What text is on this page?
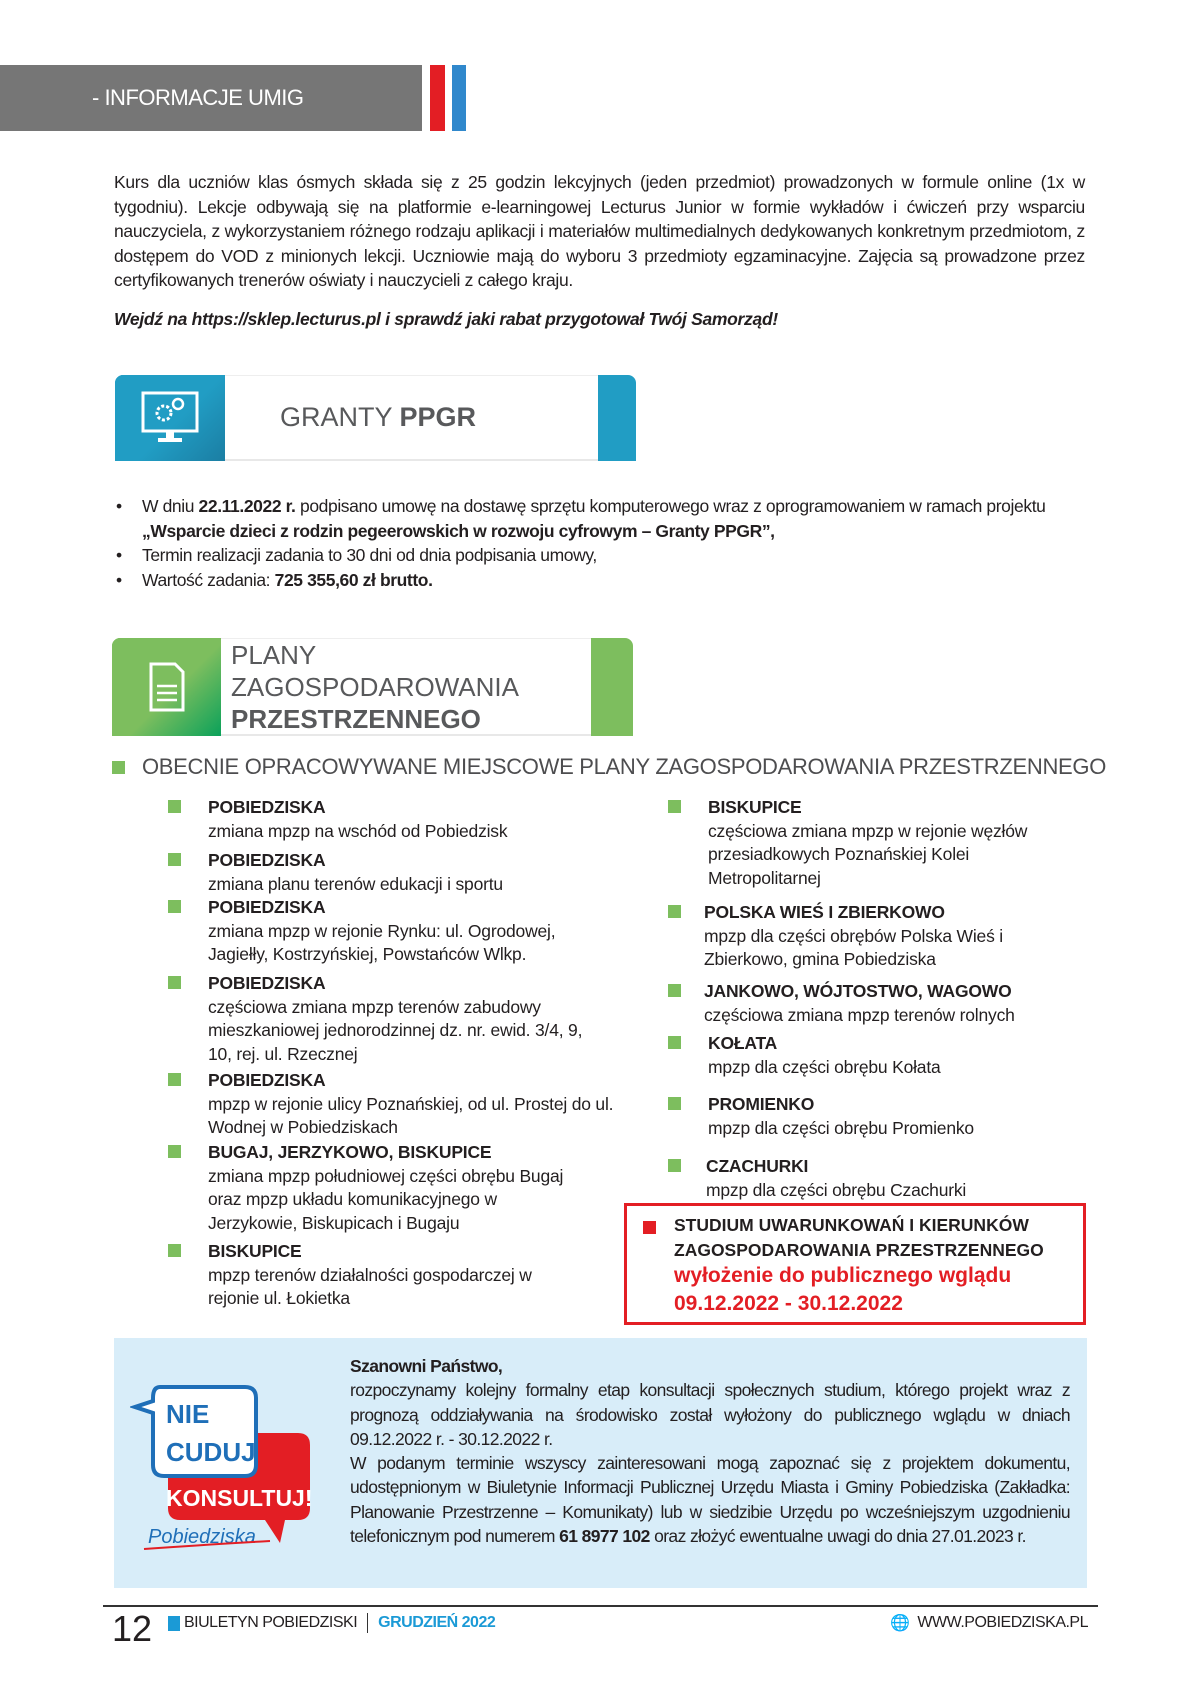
- INFORMACJE UMIG

Kurs dla uczniów klas ósmych składa się z 25 godzin lekcyjnych (jeden przedmiot) prowadzonych w formule online (1x w tygodniu). Lekcje odbywają się na platformie e-learningowej Lecturus Junior w formie wykładów i ćwiczeń przy wsparciu nauczyciela, z wykorzystaniem różnego rodzaju aplikacji i materiałów multimedialnych dedykowanych konkretnym przedmiotom, z dostępem do VOD z minionych lekcji. Uczniowie mają do wyboru 3 przedmioty egzaminacyjne. Zajęcia są prowadzone przez certyfikowanych trenerów oświaty i nauczycieli z całego kraju.

Wejdź na https://sklep.lecturus.pl i sprawdź jaki rabat przygotował Twój Samorząd!

GRANTY PPGR
• W dniu 22.11.2022 r. podpisano umowę na dostawę sprzętu komputerowego wraz z oprogramowaniem w ramach projektu „Wsparcie dzieci z rodzin pegeerowskich w rozwoju cyfrowym – Granty PPGR”,
• Termin realizacji zadania to 30 dni od dnia podpisania umowy,
• Wartość zadania: 725 355,60 zł brutto.
PLANY ZAGOSPODAROWANIA
PRZESTRZENNEGO
OBECNIE OPRACOWYWANE MIEJSCOWE PLANY ZAGOSPODAROWANIA PRZESTRZENNEGO
POBIEDZISKA
zmiana mpzp na wschód od Pobiedzisk
POBIEDZISKA
zmiana planu terenów edukacji i sportu
POBIEDZISKA
zmiana mpzp w rejonie Rynku: ul. Ogrodowej, Jagiełły, Kostrzyńskiej, Powstańców Wlkp.
POBIEDZISKA
częściowa zmiana mpzp terenów zabudowy mieszkaniowej jednorodzinnej dz. nr. ewid. 3/4, 9, 10, rej. ul. Rzecznej
POBIEDZISKA
mpzp w rejonie ulicy Poznańskiej, od ul. Prostej do ul. Wodnej w Pobiedziskach
BUGAJ, JERZYKOWO, BISKUPICE
zmiana mpzp południowej części obrębu Bugaj oraz mpzp układu komunikacyjnego w Jerzykowie, Biskupicach i Bugaju
BISKUPICE
mpzp terenów działalności gospodarczej w rejonie ul. Łokietka
BISKUPICE
częściowa zmiana mpzp w rejonie węzłów przesiadkowych Poznańskiej Kolei Metropolitarnej
POLSKA WIEŚ I ZBIERKOWO
mpzp dla części obrębów Polska Wieś i Zbierkowo, gmina Pobiedziska
JANKOWO, WÓJTOSTWO, WAGOWO
częściowa zmiana mpzp terenów rolnych
KOŁATA
mpzp dla części obrębu Kołata
PROMIENKO
mpzp dla części obrębu Promienko
CZACHURKI
mpzp dla części obrębu Czachurki
STUDIUM UWARUNKOWAŃ I KIERUNKÓW
ZAGOSPODAROWANIA PRZESTRZENNEGO
wyłożenie do publicznego wglądu
09.12.2022 - 30.12.2022
NIE
CUDUJ
KONSULTUJ!
Pobiedziska
Szanowni Państwo,

rozpoczynamy kolejny formalny etap konsultacji społecznych studium, którego projekt wraz z prognozą oddziaływania na środowisko został wyłożony do publicznego wglądu w dniach 09.12.2022 r. - 30.12.2022 r.

W podanym terminie wszyscy zainteresowani mogą zapoznać się z projektem dokumentu, udostępnionym w Biuletynie Informacji Publicznej Urzędu Miasta i Gminy Pobiedziska (Zakładka: Planowanie Przestrzenne – Komunikaty) lub w siedzibie Urzędu po wcześniejszym uzgodnieniu telefonicznym pod numerem 61 8977 102 oraz złożyć ewentualne uwagi do dnia 27.01.2023 r.

12 BIULETYN POBIEDZISKI GRUDZIEŃ 2022	🌐 WWW.POBIEDZISKA.PL
